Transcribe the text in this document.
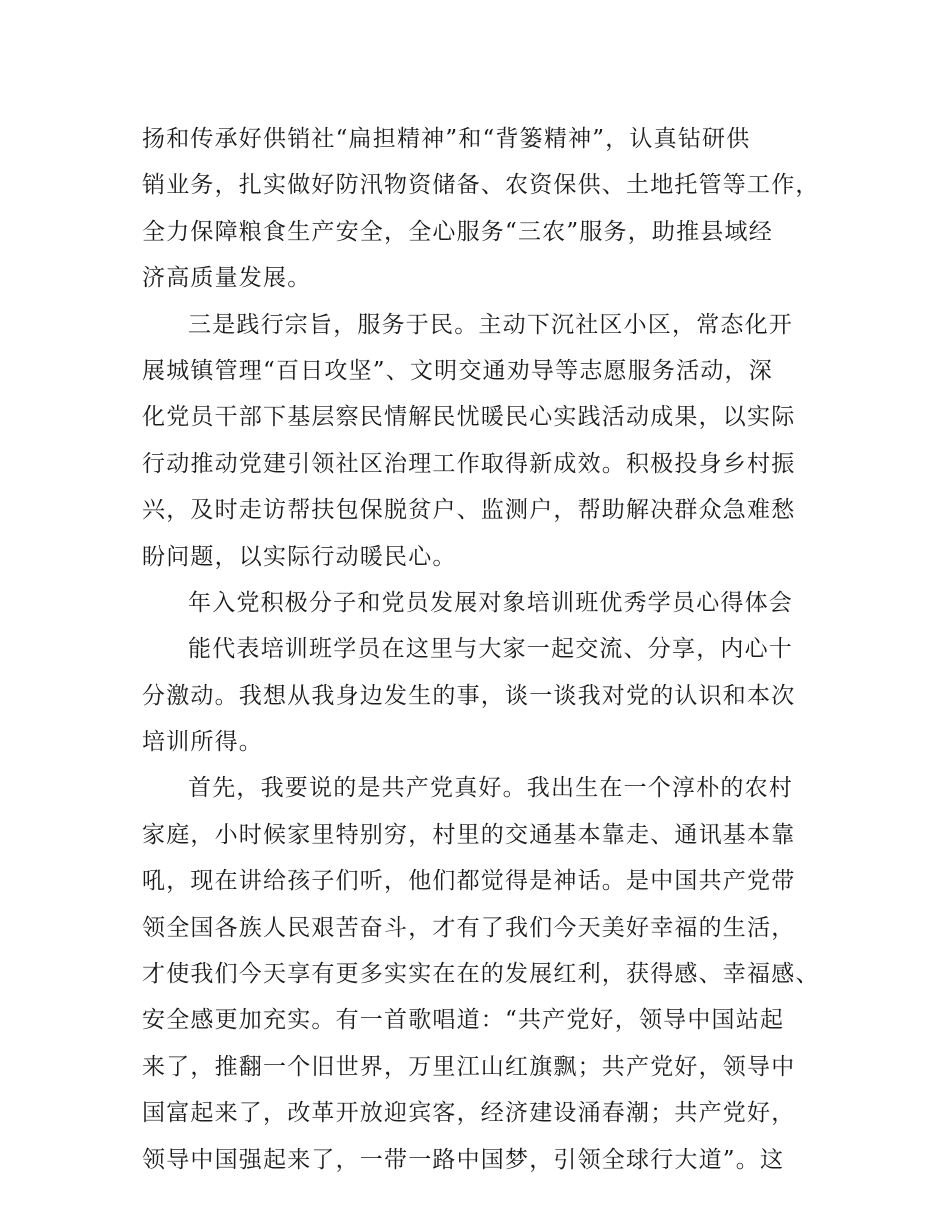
扬和传承好供销社“扁担精神”和“背篓精神”，认真钻研供
销业务，扎实做好防汛物资储备、农资保供、土地托管等工作，
全力保障粮食生产安全，全心服务“三农”服务，助推县域经
济高质量发展。
三是践行宗旨，服务于民。主动下沉社区小区，常态化开
展城镇管理“百日攻坚”、文明交通劝导等志愿服务活动，深
化党员干部下基层察民情解民忧暖民心实践活动成果，以实际
行动推动党建引领社区治理工作取得新成效。积极投身乡村振
兴，及时走访帮扶包保脱贫户、监测户，帮助解决群众急难愁
盼问题，以实际行动暖民心。
年入党积极分子和党员发展对象培训班优秀学员心得体会
能代表培训班学员在这里与大家一起交流、分享，内心十
分激动。我想从我身边发生的事，谈一谈我对党的认识和本次
培训所得。
首先，我要说的是共产党真好。我出生在一个淳朴的农村
家庭，小时候家里特别穷，村里的交通基本靠走、通讯基本靠
吼，现在讲给孩子们听，他们都觉得是神话。是中国共产党带
领全国各族人民艰苦奋斗，才有了我们今天美好幸福的生活，
才使我们今天享有更多实实在在的发展红利，获得感、幸福感、
安全感更加充实。有一首歌唱道：“共产党好，领导中国站起
来了，推翻一个旧世界，万里江山红旗飘；共产党好，领导中
国富起来了，改革开放迎宾客，经济建设涌春潮；共产党好，
领导中国强起来了，一带一路中国梦，引领全球行大道”。这
